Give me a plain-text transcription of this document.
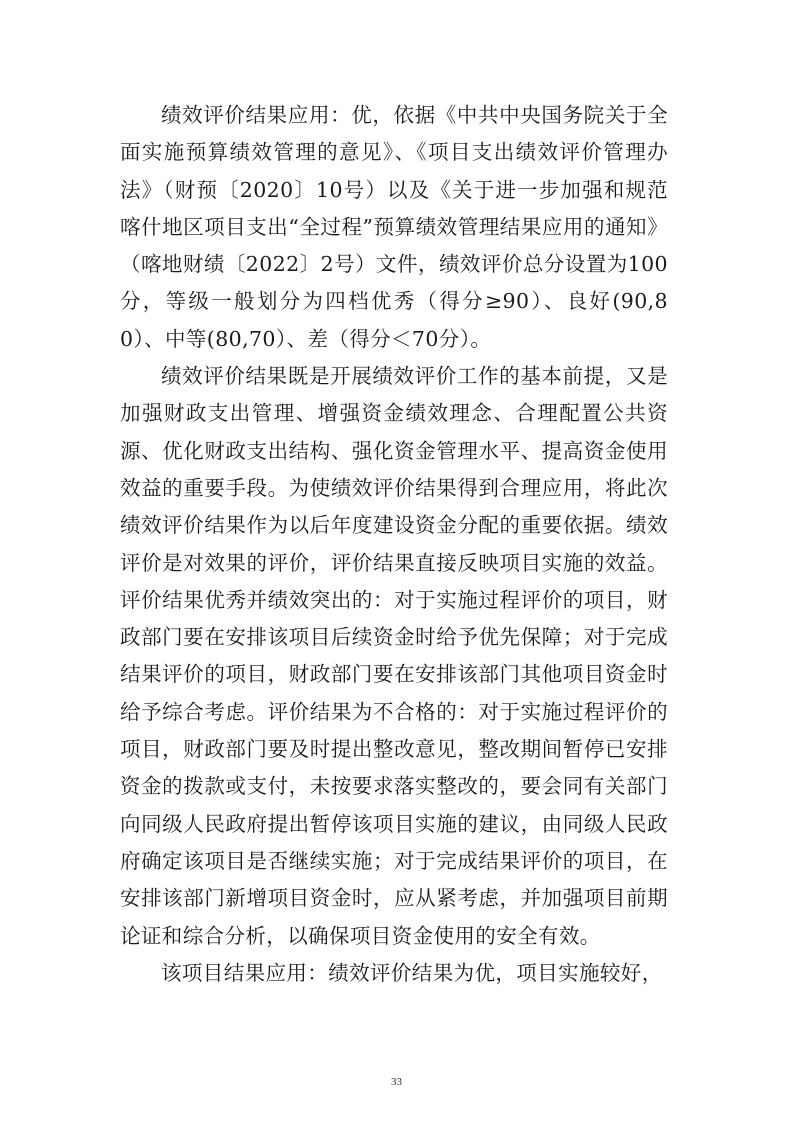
绩效评价结果应用：优，依据《中共中央国务院关于全面实施预算绩效管理的意见》、《项目支出绩效评价管理办法》（财预〔2020〕10号）以及《关于进一步加强和规范喀什地区项目支出“全过程”预算绩效管理结果应用的通知》（喀地财绩〔2022〕2号）文件，绩效评价总分设置为100分，等级一般划分为四档优秀（得分≥90）、良好(90,80）、中等(80,70）、差（得分＜70分）。

绩效评价结果既是开展绩效评价工作的基本前提，又是加强财政支出管理、增强资金绩效理念、合理配置公共资源、优化财政支出结构、强化资金管理水平、提高资金使用效益的重要手段。为使绩效评价结果得到合理应用，将此次绩效评价结果作为以后年度建设资金分配的重要依据。绩效评价是对效果的评价，评价结果直接反映项目实施的效益。评价结果优秀并绩效突出的：对于实施过程评价的项目，财政部门要在安排该项目后续资金时给予优先保障；对于完成结果评价的项目，财政部门要在安排该部门其他项目资金时给予综合考虑。评价结果为不合格的：对于实施过程评价的项目，财政部门要及时提出整改意见，整改期间暂停已安排资金的拨款或支付，未按要求落实整改的，要会同有关部门向同级人民政府提出暂停该项目实施的建议，由同级人民政府确定该项目是否继续实施；对于完成结果评价的项目，在安排该部门新增项目资金时，应从紧考虑，并加强项目前期论证和综合分析，以确保项目资金使用的安全有效。

该项目结果应用：绩效评价结果为优，项目实施较好，

33
